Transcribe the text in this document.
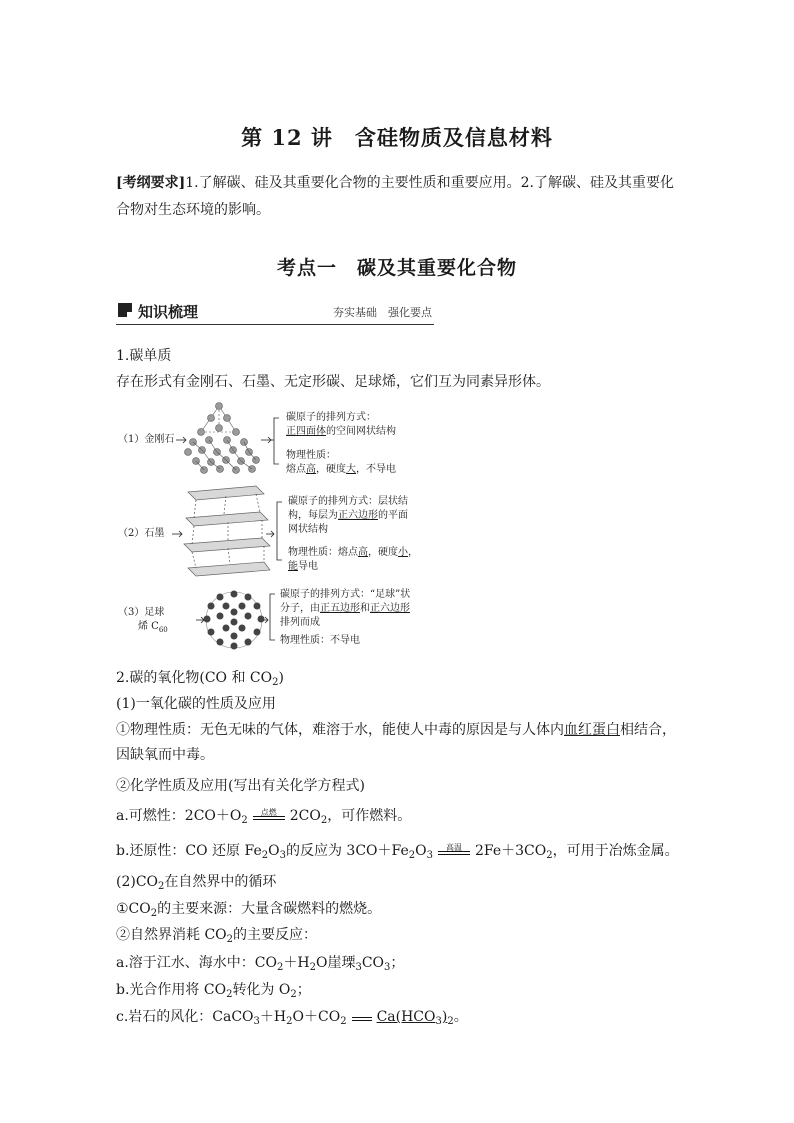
第 12 讲　含硅物质及信息材料
[考纲要求]1.了解碳、硅及其重要化合物的主要性质和重要应用。2.了解碳、硅及其重要化合物对生态环境的影响。
考点一　碳及其重要化合物
知识梳理	夯实基础　强化要点
1.碳单质
存在形式有金刚石、石墨、无定形碳、足球烯，它们互为同素异形体。
（1）金刚石
碳原子的排列方式：
正四面体的空间网状结构
物理性质：
熔点高，硬度大，不导电
（2）石墨
碳原子的排列方式：层状结
构，每层为正六边形的平面
网状结构
物理性质：熔点高，硬度小，
能导电
（3）足球
烯 $C_{60}$
碳原子的排列方式：“足球”状
分子，由正五边形和正六边形
排列而成
物理性质：不导电
2.碳的氧化物(CO 和 $CO_2$)
(1)一氧化碳的性质及应用
①物理性质：无色无味的气体，难溶于水，能使人中毒的原因是与人体内血红蛋白相结合，
因缺氧而中毒。
②化学性质及应用(写出有关化学方程式)
a.可燃性：$2CO+O_2$
点燃 $2CO_2$，可作燃料。
b.还原性：CO 还原 $Fe_2O_3$的反应为 $3CO+Fe_2O_3$
高温 $2Fe+3CO_2$，可用于冶炼金属。
$(2)CO_2$在自然界中的循环
$①CO_2$的主要来源：大量含碳燃料的燃烧。
②自然界消耗 $CO_2$的主要反应：
a.溶于江水、海水中：$CO_2+H_2O$崖瑮$_3CO_3$；
b.光合作用将 $CO_2$转化为 $O_2$；
c.岩石的风化：$CaCO_3+H_2O+CO_2$ $Ca(HCO_3)_2$。
